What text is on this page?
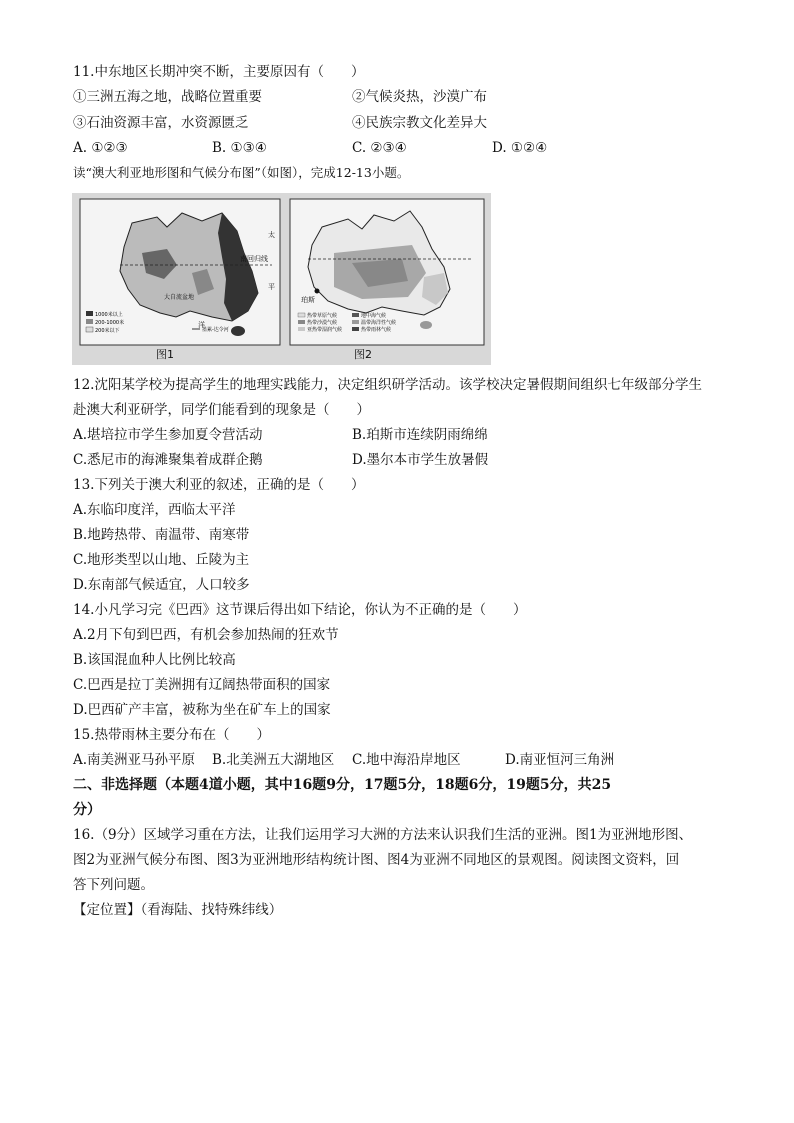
11.中东地区长期冲突不断，主要原因有（　　）
①三洲五海之地，战略位置重要	②气候炎热，沙漠广布
③石油资源丰富，水资源匮乏	④民族宗教文化差异大
A. ①②③	B. ①③④	C. ②③④	D. ①②④
读“澳大利亚地形图和气候分布图”（如图），完成12-13小题。
南回归线
太
平
大自流盆地
洋
1000米以上
200-1000米
200米以下	墨累-达令河
图1
珀斯
热带草原气候
热带沙漠气候
亚热带湿润气候
地中海气候
温带海洋性气候
热带雨林气候
图2
12.沈阳某学校为提高学生的地理实践能力，决定组织研学活动。该学校决定暑假期间组织七年级部分学生
赴澳大利亚研学，同学们能看到的现象是（　　）
A.堪培拉市学生参加夏令营活动	B.珀斯市连续阴雨绵绵
C.悉尼市的海滩聚集着成群企鹅	D.墨尔本市学生放暑假
13.下列关于澳大利亚的叙述，正确的是（　　）
A.东临印度洋，西临太平洋
B.地跨热带、南温带、南寒带
C.地形类型以山地、丘陵为主
D.东南部气候适宜，人口较多
14.小凡学习完《巴西》这节课后得出如下结论，你认为不正确的是（　　）
A.2月下旬到巴西，有机会参加热闹的狂欢节
B.该国混血种人比例比较高
C.巴西是拉丁美洲拥有辽阔热带面积的国家
D.巴西矿产丰富，被称为坐在矿车上的国家
15.热带雨林主要分布在（　　）
A.南美洲亚马孙平原 B.北美洲五大湖地区 C.地中海沿岸地区	D.南亚恒河三角洲
二、非选择题（本题4道小题，其中16题9分，17题5分，18题6分，19题5分，共25
分）
16.（9分）区域学习重在方法，让我们运用学习大洲的方法来认识我们生活的亚洲。图1为亚洲地形图、
图2为亚洲气候分布图、图3为亚洲地形结构统计图、图4为亚洲不同地区的景观图。阅读图文资料，回
答下列问题。
【定位置】（看海陆、找特殊纬线）
